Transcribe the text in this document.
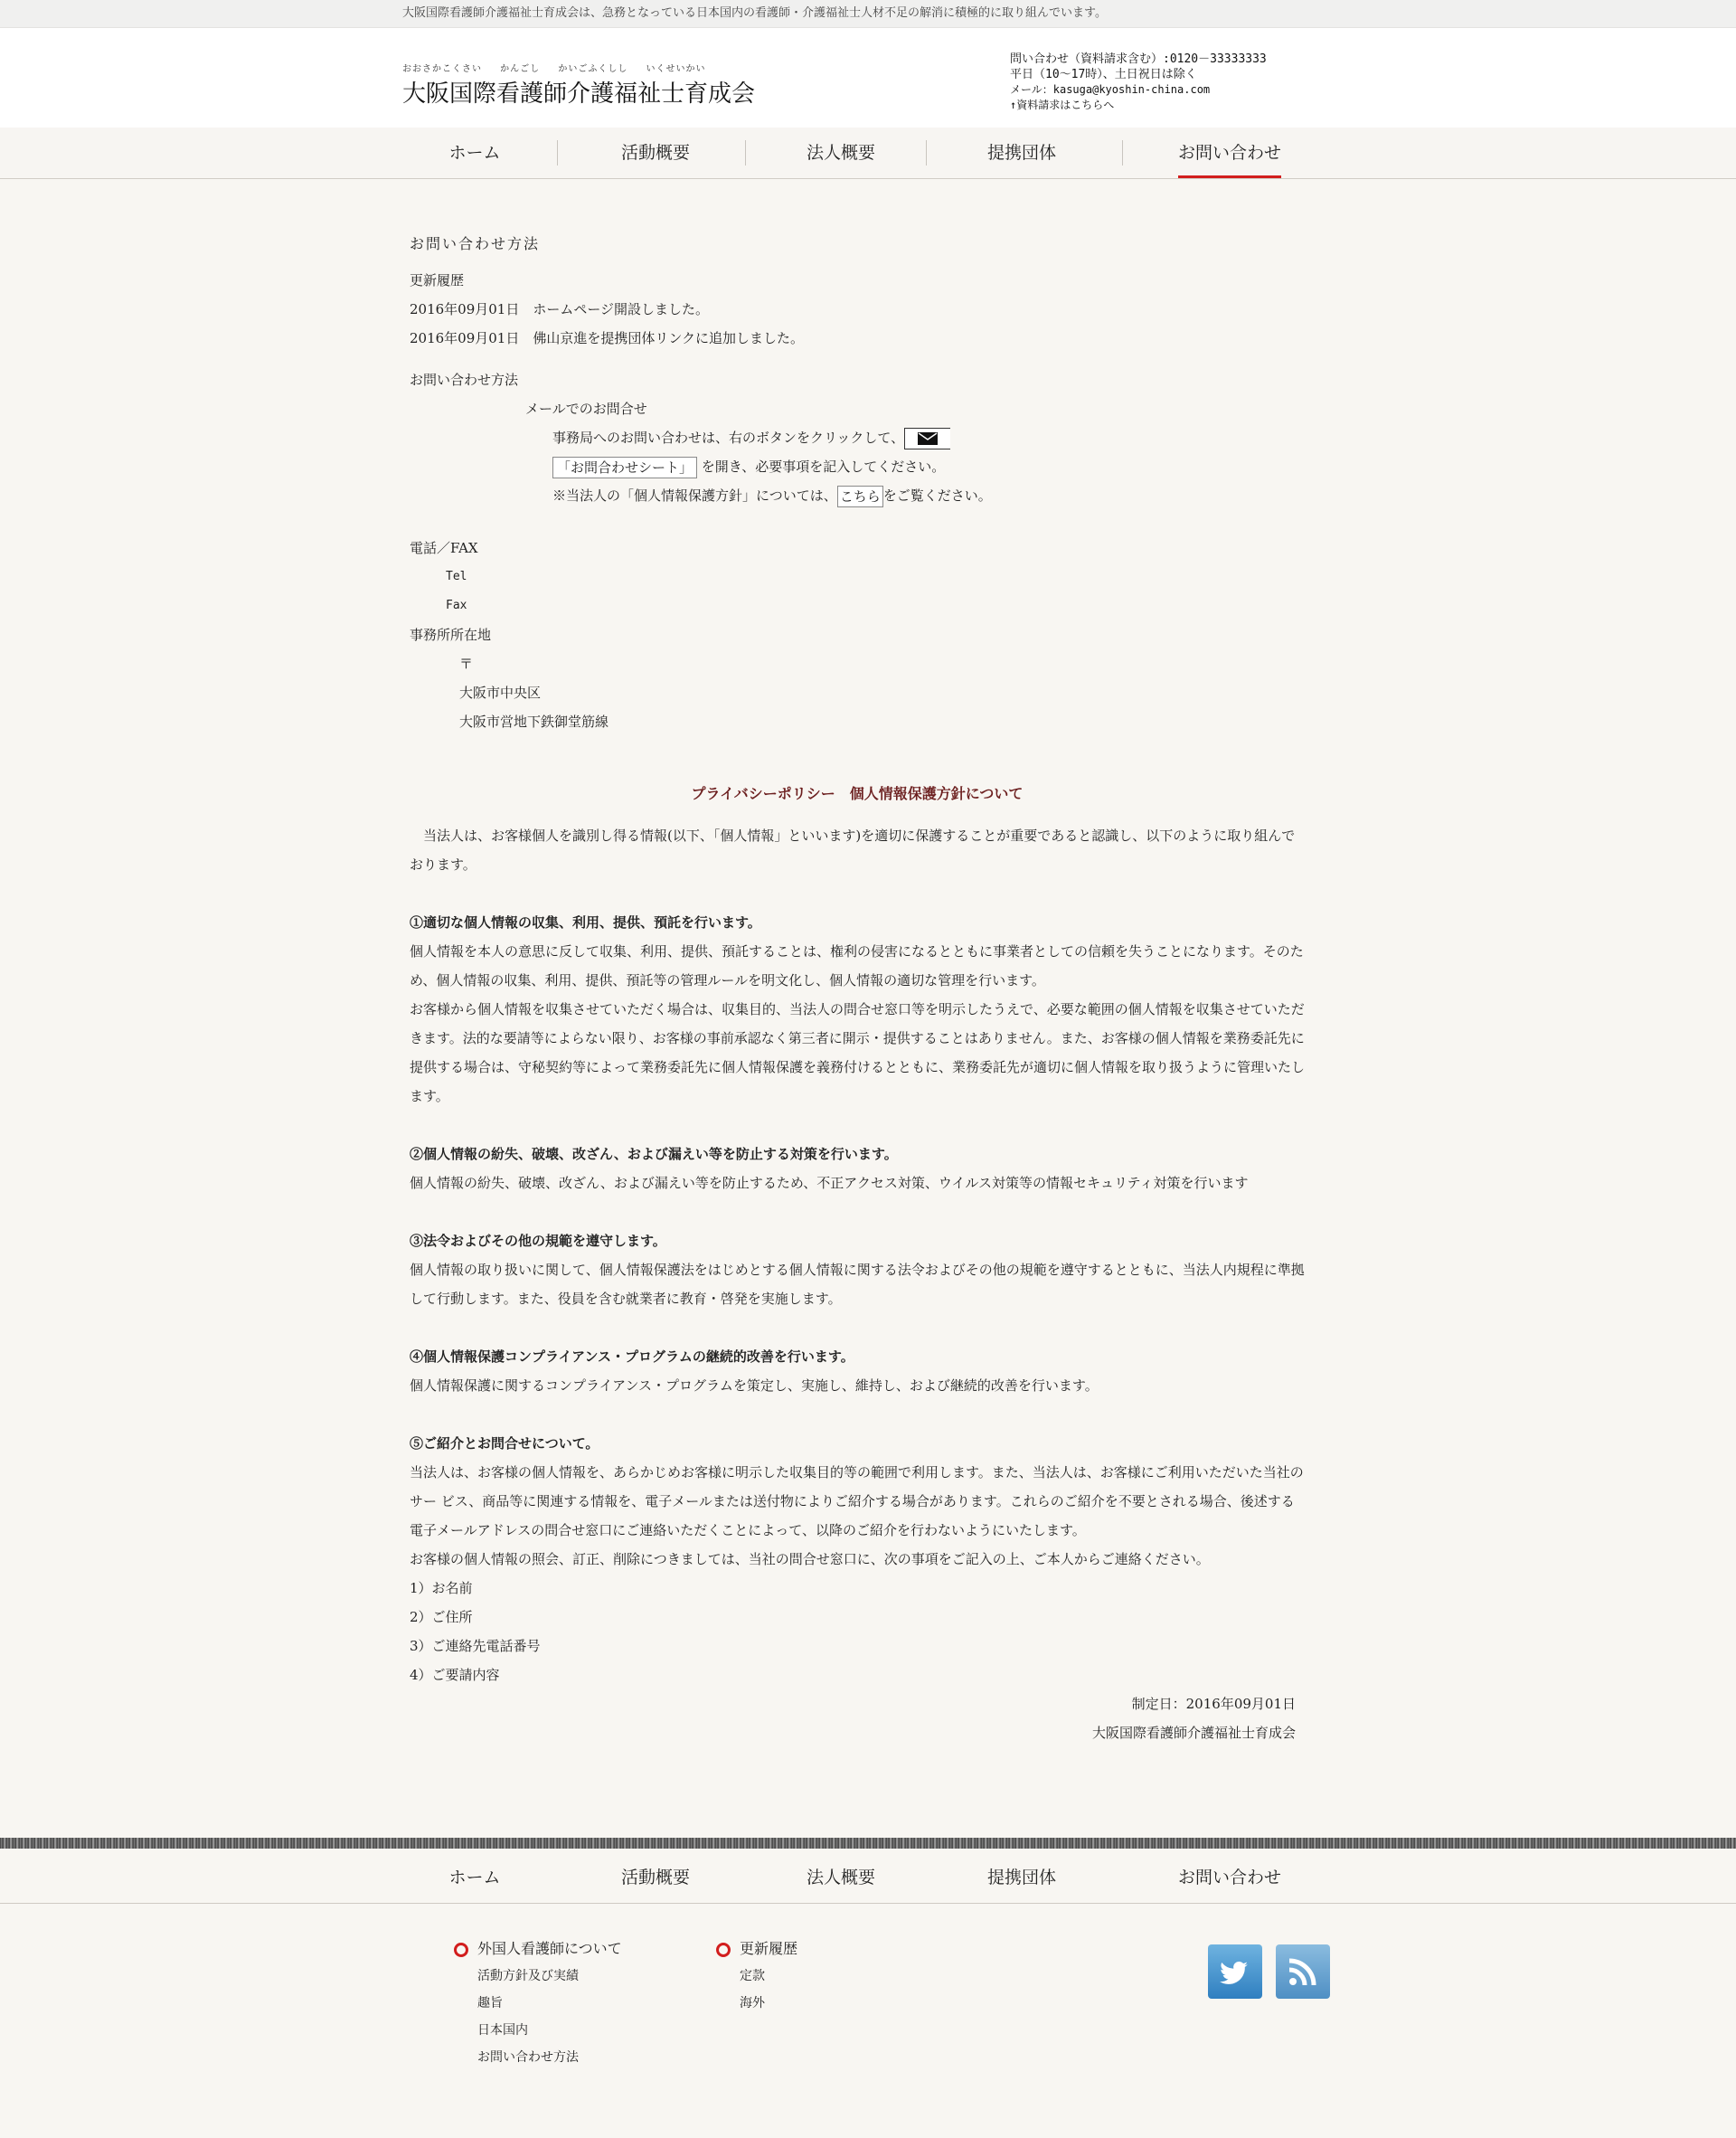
大阪国際看護師介護福祉士育成会は、急務となっている日本国内の看護師・介護福祉士人材不足の解消に積極的に取り組んでいます。
おおさかこくさい かんごし かいごふくしし いくせいかい
大阪国際看護師介護福祉士育成会
問い合わせ（資料請求含む）:0120－33333333
平日（10～17時）、土日祝日は除く
メール：kasuga@kyoshin-china.com
↑資料請求はこちらへ
ホーム	活動概要	法人概要	提携団体	お問い合わせ
お問い合わせ方法
更新履歴
2016年09月01日　ホームページ開設しました。
2016年09月01日　佛山京進を提携団体リンクに追加しました。
お問い合わせ方法
メールでのお問合せ
事務局へのお問い合わせは、右のボタンをクリックして、
「お問合わせシート」 を開き、必要事項を記入してください。
※当法人の「個人情報保護方針」については、 こちら をご覧ください。
電話／FAX
Tel
Fax
事務所所在地
〒
大阪市中央区
大阪市営地下鉄御堂筋線
プライバシーポリシー　個人情報保護方針について

　当法人は、お客様個人を識別し得る情報(以下、「個人情報」といいます)を適切に保護することが重要であると認識し、以下のように取り組んでおります。

①適切な個人情報の収集、利用、提供、預託を行います。

個人情報を本人の意思に反して収集、利用、提供、預託することは、権利の侵害になるとともに事業者としての信頼を失うことになります。そのため、個人情報の収集、利用、提供、預託等の管理ルールを明文化し、個人情報の適切な管理を行います。

お客様から個人情報を収集させていただく場合は、収集目的、当法人の問合せ窓口等を明示したうえで、必要な範囲の個人情報を収集させていただきます。法的な要請等によらない限り、お客様の事前承認なく第三者に開示・提供することはありません。また、お客様の個人情報を業務委託先に提供する場合は、守秘契約等によって業務委託先に個人情報保護を義務付けるとともに、業務委託先が適切に個人情報を取り扱うように管理いたします。

②個人情報の紛失、破壊、改ざん、および漏えい等を防止する対策を行います。

個人情報の紛失、破壊、改ざん、および漏えい等を防止するため、不正アクセス対策、ウイルス対策等の情報セキュリティ対策を行います

③法令およびその他の規範を遵守します。

個人情報の取り扱いに関して、個人情報保護法をはじめとする個人情報に関する法令およびその他の規範を遵守するとともに、当法人内規程に準拠して行動します。また、役員を含む就業者に教育・啓発を実施します。

④個人情報保護コンプライアンス・プログラムの継続的改善を行います。

個人情報保護に関するコンプライアンス・プログラムを策定し、実施し、維持し、および継続的改善を行います。

⑤ご紹介とお問合せについて。

当法人は、お客様の個人情報を、あらかじめお客様に明示した収集目的等の範囲で利用します。また、当法人は、お客様にご利用いただいた当社のサー ビス、商品等に関連する情報を、電子メールまたは送付物によりご紹介する場合があります。これらのご紹介を不要とされる場合、後述する電子メールアドレスの問合せ窓口にご連絡いただくことによって、以降のご紹介を行わないようにいたします。

お客様の個人情報の照会、訂正、削除につきましては、当社の問合せ窓口に、次の事項をご記入の上、ご本人からご連絡ください。

1）お名前

2）ご住所

3）ご連絡先電話番号

4）ご要請内容

制定日：2016年09月01日

大阪国際看護師介護福祉士育成会

ホーム	活動概要	法人概要	提携団体	お問い合わせ
外国人看護師について
活動方針及び実績
趣旨
日本国内
お問い合わせ方法
更新履歴
定款
海外
